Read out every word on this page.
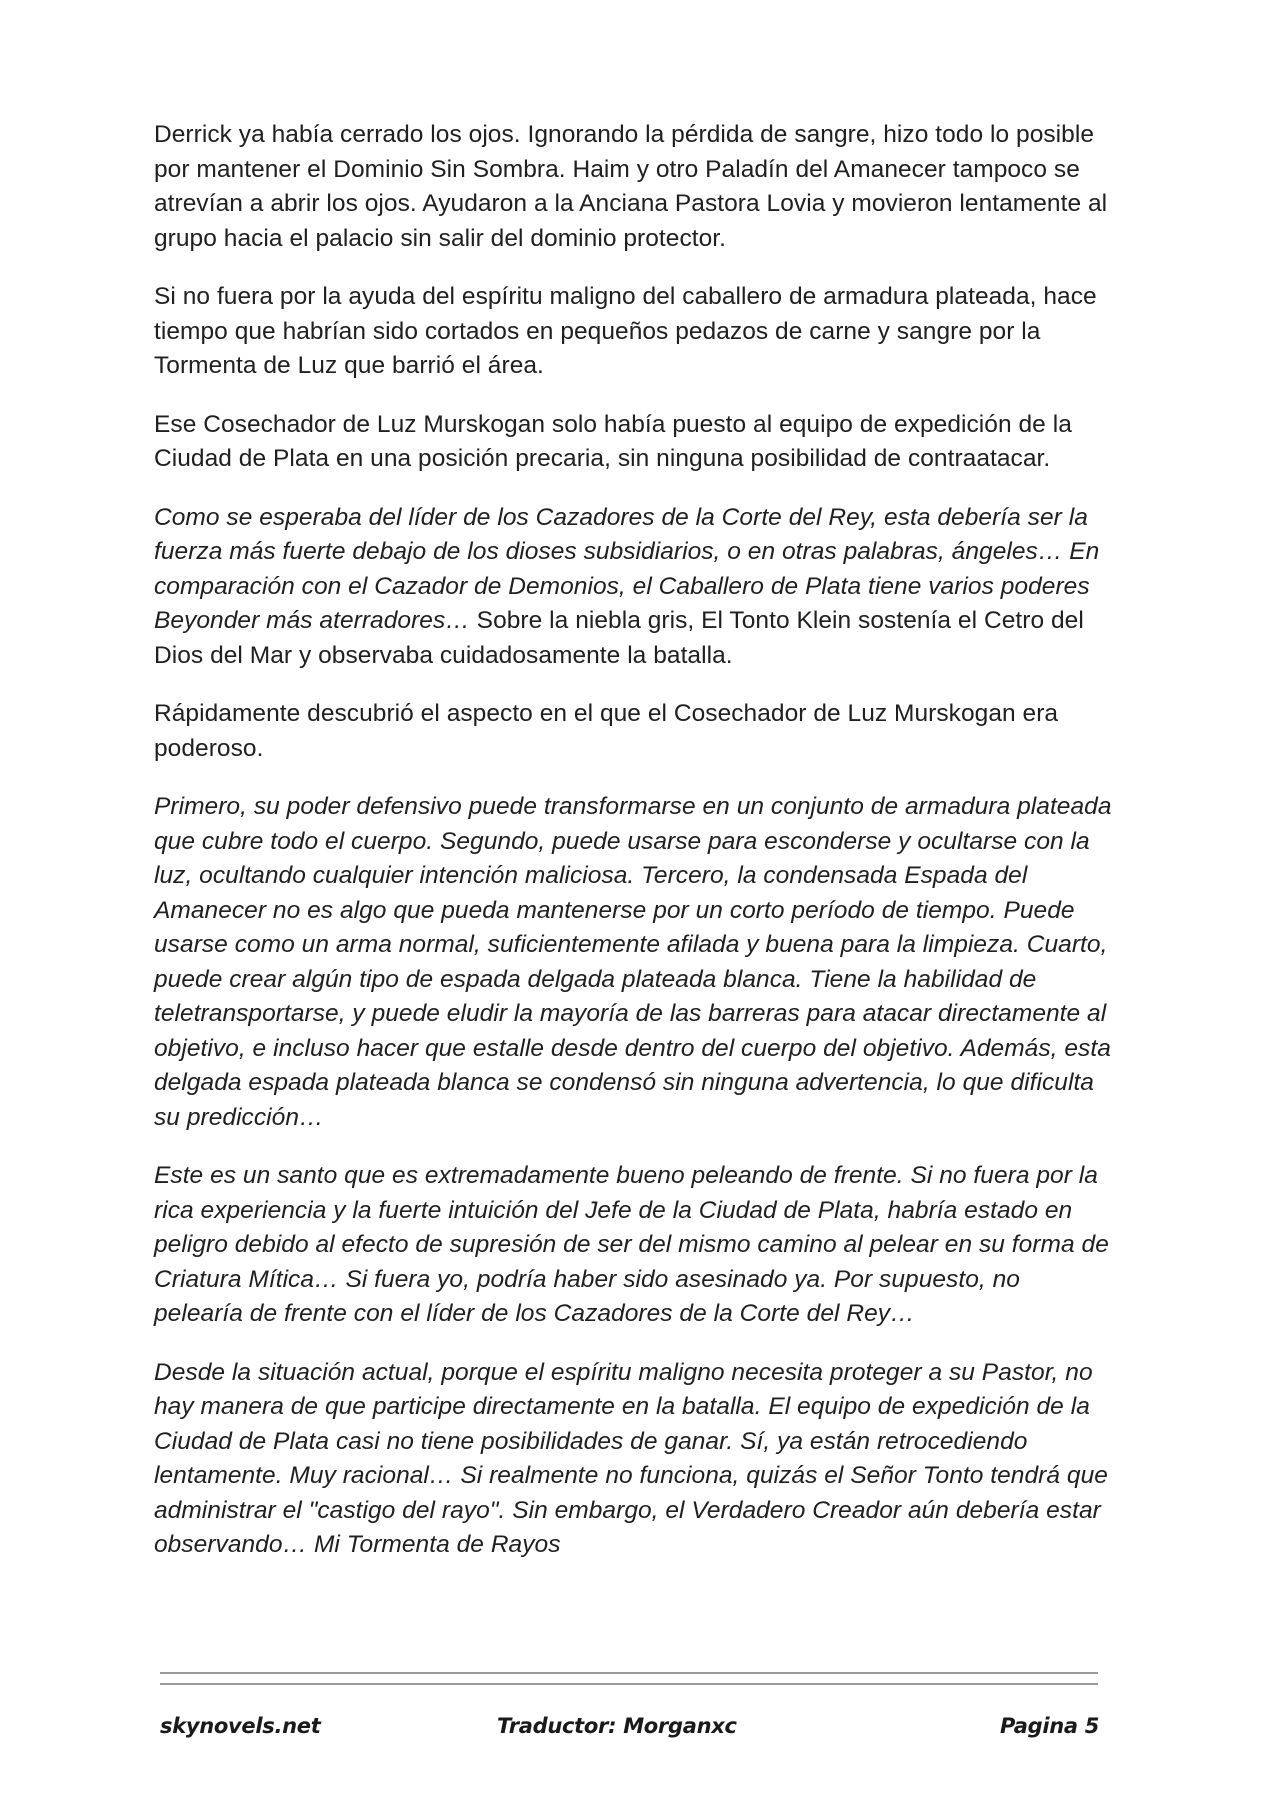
Derrick ya había cerrado los ojos. Ignorando la pérdida de sangre, hizo todo lo posible por mantener el Dominio Sin Sombra. Haim y otro Paladín del Amanecer tampoco se atrevían a abrir los ojos. Ayudaron a la Anciana Pastora Lovia y movieron lentamente al grupo hacia el palacio sin salir del dominio protector.

Si no fuera por la ayuda del espíritu maligno del caballero de armadura plateada, hace tiempo que habrían sido cortados en pequeños pedazos de carne y sangre por la Tormenta de Luz que barrió el área.

Ese Cosechador de Luz Murskogan solo había puesto al equipo de expedición de la Ciudad de Plata en una posición precaria, sin ninguna posibilidad de contraatacar.

Como se esperaba del líder de los Cazadores de la Corte del Rey, esta debería ser la fuerza más fuerte debajo de los dioses subsidiarios, o en otras palabras, ángeles… En comparación con el Cazador de Demonios, el Caballero de Plata tiene varios poderes Beyonder más aterradores… Sobre la niebla gris, El Tonto Klein sostenía el Cetro del Dios del Mar y observaba cuidadosamente la batalla.

Rápidamente descubrió el aspecto en el que el Cosechador de Luz Murskogan era poderoso.

Primero, su poder defensivo puede transformarse en un conjunto de armadura plateada que cubre todo el cuerpo. Segundo, puede usarse para esconderse y ocultarse con la luz, ocultando cualquier intención maliciosa. Tercero, la condensada Espada del Amanecer no es algo que pueda mantenerse por un corto período de tiempo. Puede usarse como un arma normal, suficientemente afilada y buena para la limpieza. Cuarto, puede crear algún tipo de espada delgada plateada blanca. Tiene la habilidad de teletransportarse, y puede eludir la mayoría de las barreras para atacar directamente al objetivo, e incluso hacer que estalle desde dentro del cuerpo del objetivo. Además, esta delgada espada plateada blanca se condensó sin ninguna advertencia, lo que dificulta su predicción…

Este es un santo que es extremadamente bueno peleando de frente. Si no fuera por la rica experiencia y la fuerte intuición del Jefe de la Ciudad de Plata, habría estado en peligro debido al efecto de supresión de ser del mismo camino al pelear en su forma de Criatura Mítica… Si fuera yo, podría haber sido asesinado ya. Por supuesto, no pelearía de frente con el líder de los Cazadores de la Corte del Rey…

Desde la situación actual, porque el espíritu maligno necesita proteger a su Pastor, no hay manera de que participe directamente en la batalla. El equipo de expedición de la Ciudad de Plata casi no tiene posibilidades de ganar. Sí, ya están retrocediendo lentamente. Muy racional… Si realmente no funciona, quizás el Señor Tonto tendrá que administrar el "castigo del rayo". Sin embargo, el Verdadero Creador aún debería estar observando… Mi Tormenta de Rayos

skynovels.net	Traductor: Morganxc	Pagina 5
